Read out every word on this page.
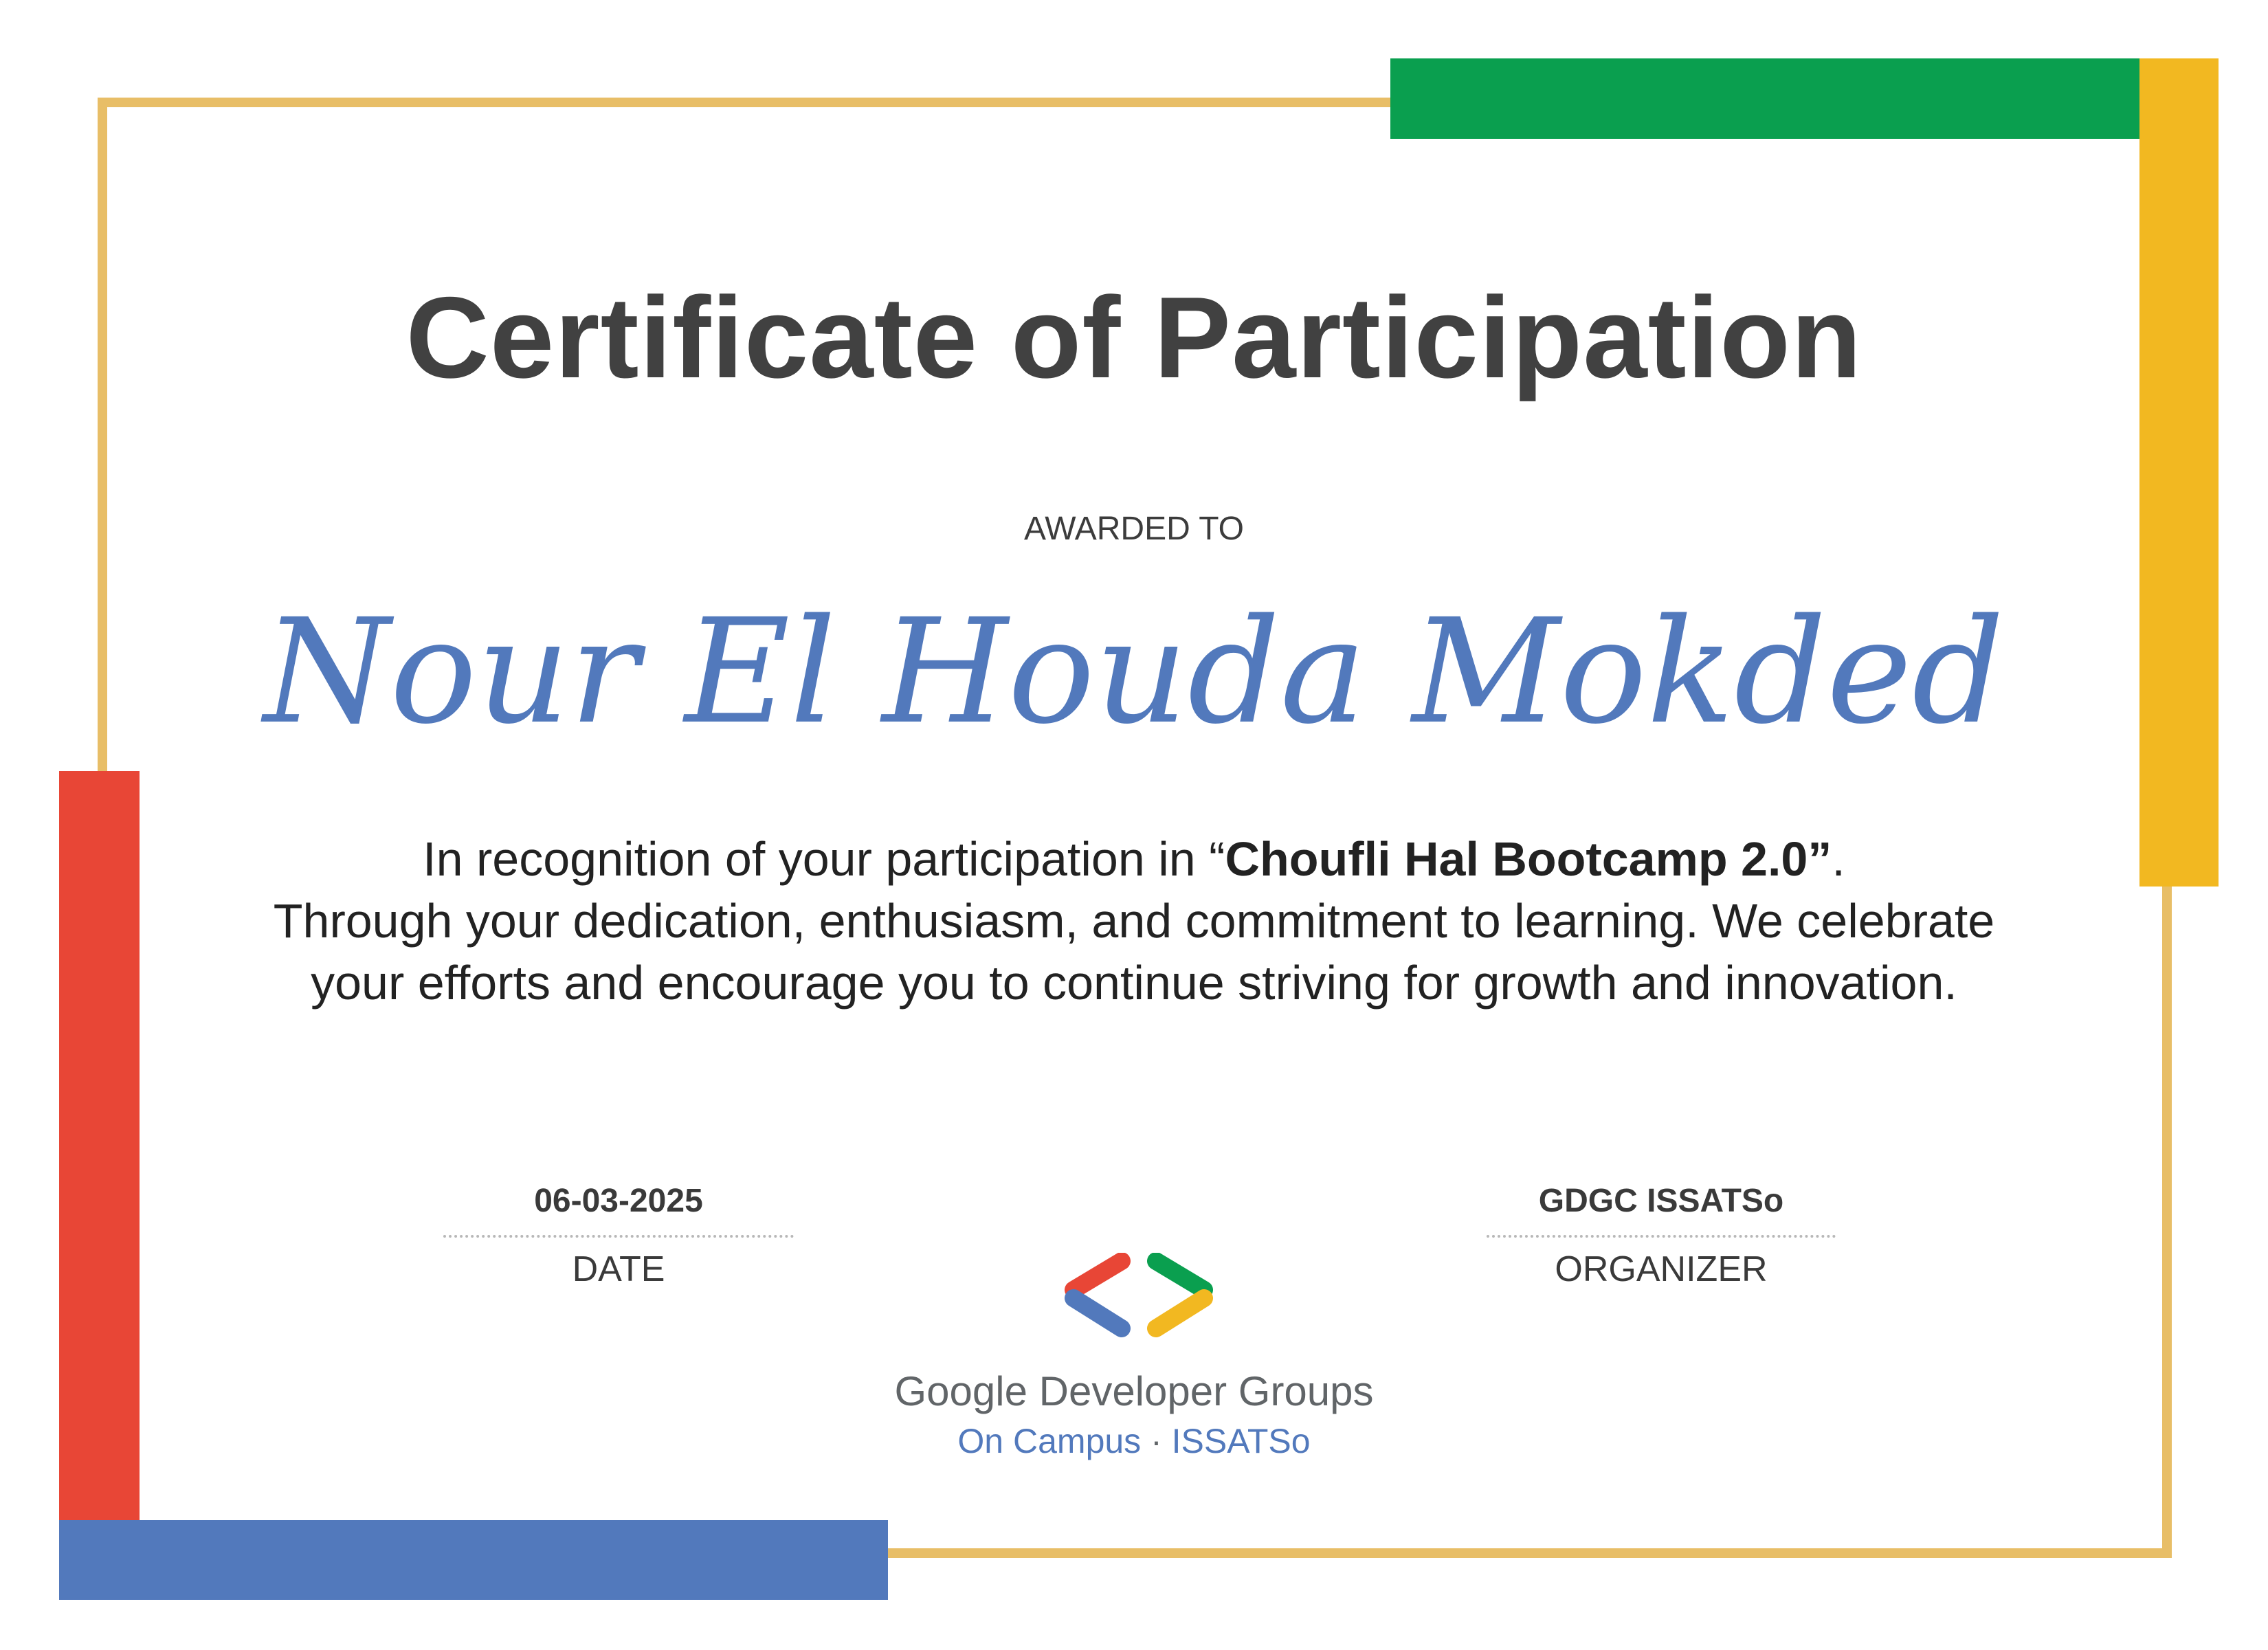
Certificate of Participation
AWARDED TO
Nour El Houda Mokded
In recognition of your participation in “Choufli Hal Bootcamp 2.0”.
Through your dedication, enthusiasm, and commitment to learning. We celebrate
your efforts and encourage you to continue striving for growth and innovation.
06-03-2025
DATE
GDGC ISSATSo
ORGANIZER
Google Developer Groups
On Campus · ISSATSo
